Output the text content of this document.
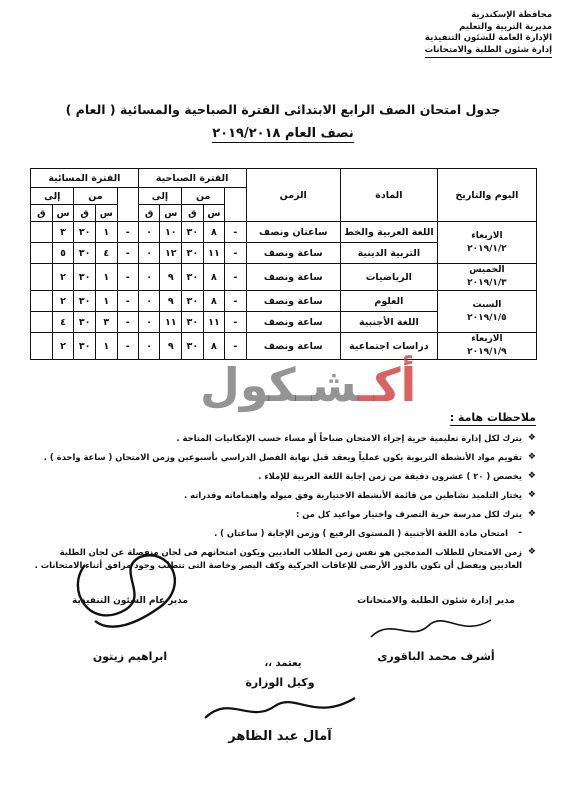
محافظة الإسكندرية
مديرية التربية والتعليم
الإدارة العامة للشئون التنفيذية
إدارة شئون الطلبة والامتحانات
جدول امتحان الصف الرابع الابتدائى الفترة الصباحية والمسائية ( العام )
نصف العام ٢٠١٩/٢٠١٨
اليوم والتاريخ	المادة	الزمن	الفترة الصباحية					الفترة المسائية				
				من		إلى			من		إلى	
				س	ق	س	ق		س	ق	س	ق

الاربعاء
٢٠١٩/١/٢	اللغة العربية والخط	ساعتان ونصف	-	٨	٣٠	١٠	٠	-	١	٣٠	٣	
	التربية الدينية	ساعة ونصف	-	١١	٣٠	١٢	٠	-	٤	٣٠	٥	

الخميس
٢٠١٩/١/٣	الرياضيات	ساعة ونصف	-	٨	٣٠	٩	٠	-	١	٣٠	٢	

السبت
٢٠١٩/١/٥	العلوم	ساعة ونصف	-	٨	٣٠	٩	٠	-	١	٣٠	٢	
	اللغة الأجنبية	ساعة ونصف	-	١١	٣٠	١١	٠	-	٣	٣٠	٤	

الاربعاء
٢٠١٩/١/٩	دراسات اجتماعية	ساعة ونصف	-	٨	٣٠	٩	٠	-	١	٣٠	٢	
أكـشـكول
ملاحظات هامة :
❖
يترك لكل إدارة تعليمية حرية إجراء الامتحان صباحاً أو مساء حسب الإمكانيات المتاحة .
❖
تقويم مواد الأنشطة التربوية يكون عملياً ويعقد قبل نهاية الفصل الدراسي بأسبوعين وزمن الامتحان ( ساعة واحدة ) .
❖
يخصص ( ٢٠ ) عشرون دقيقة من زمن إجابة اللغة العربية للإملاء .
❖
يختار التلميذ نشاطين من قائمة الأنشطة الاختيارية وفق ميوله واهتماماته وقدراته .
❖
يترك لكل مدرسة حرية التصرف واختيار مواعيد كل من :
-
امتحان مادة اللغة الأجنبية ( المستوى الرفيع ) وزمن الإجابة ( ساعتان ) .
❖
زمن الامتحان للطلاب المدمجين هو نفس زمن الطلاب العاديين ويكون امتحانهم فى لجان منفصلة عن لجان الطلبة العاديين ويفضل أن تكون بالدور الأرضى للإعاقات الحركية وكف البصر وخاصة التى تتطلب وجود مرافق أثناء الامتحانات .
مدير إدارة شئون الطلبة والامتحانات
أشرف محمد الباقورى
مدير عام الشئون التنفيذية
ابراهيم زيتون
يعتمد ،،
وكيل الوزارة
آمال عبد الظاهر
